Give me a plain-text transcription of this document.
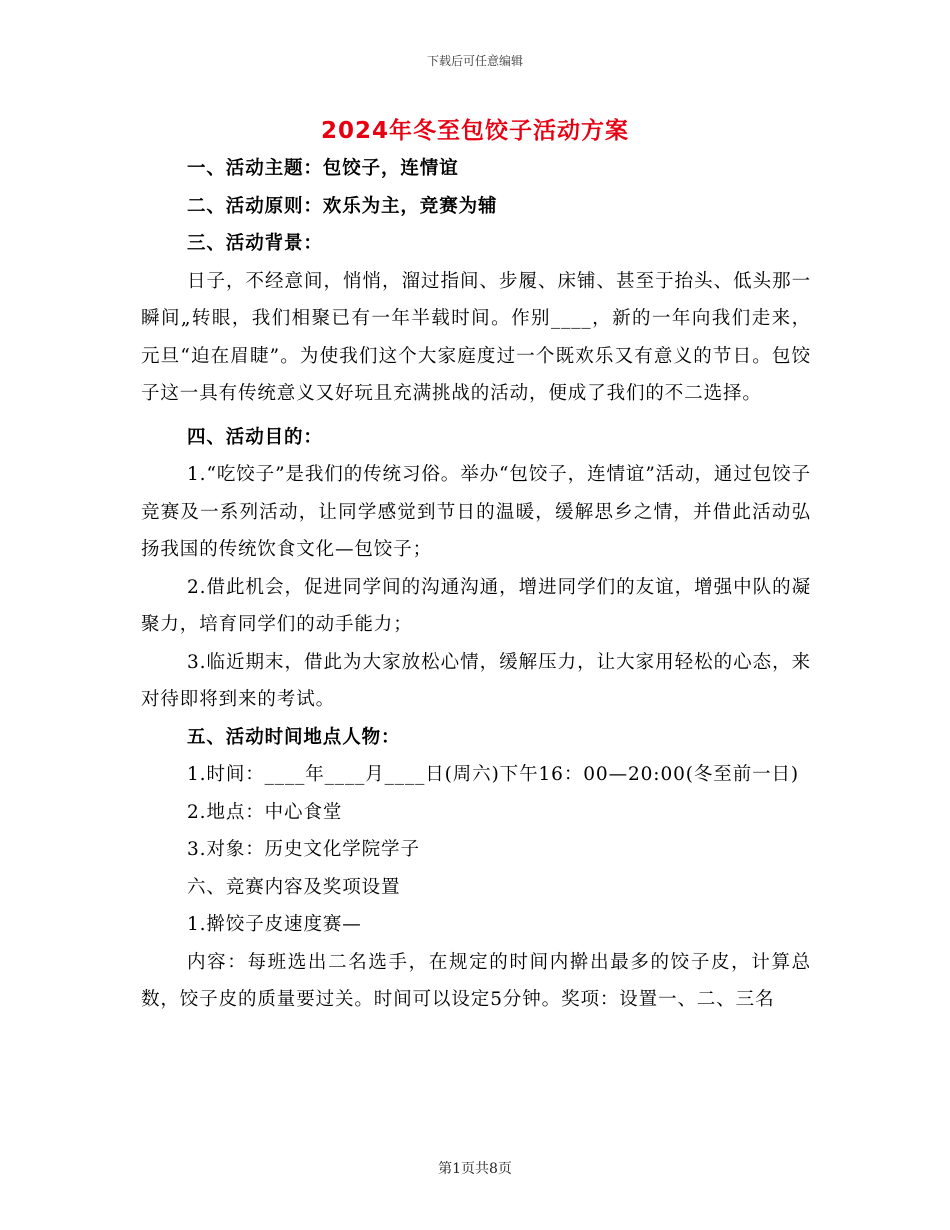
下载后可任意编辑
2024年冬至包饺子活动方案

一、活动主题：包饺子，连情谊

二、活动原则：欢乐为主，竞赛为辅

三、活动背景：

日子，不经意间，悄悄，溜过指间、步履、床铺、甚至于抬头、低头那一瞬间„转眼，我们相聚已有一年半载时间。作别____，新的一年向我们走来，元旦“迫在眉睫”。为使我们这个大家庭度过一个既欢乐又有意义的节日。包饺子这一具有传统意义又好玩且充满挑战的活动，便成了我们的不二选择。

四、活动目的：

1.“吃饺子”是我们的传统习俗。举办“包饺子，连情谊”活动，通过包饺子竞赛及一系列活动，让同学感觉到节日的温暖，缓解思乡之情，并借此活动弘扬我国的传统饮食文化—包饺子；

2.借此机会，促进同学间的沟通沟通，增进同学们的友谊，增强中队的凝聚力，培育同学们的动手能力；

3.临近期末，借此为大家放松心情，缓解压力，让大家用轻松的心态，来对待即将到来的考试。

五、活动时间地点人物：

1.时间：____年____月____日(周六)下午16：00—20:00(冬至前一日)

2.地点：中心食堂

3.对象：历史文化学院学子

六、竞赛内容及奖项设置

1.擀饺子皮速度赛—

内容：每班选出二名选手，在规定的时间内擀出最多的饺子皮，计算总数，饺子皮的质量要过关。时间可以设定5分钟。奖项：设置一、二、三名

第1页共8页
